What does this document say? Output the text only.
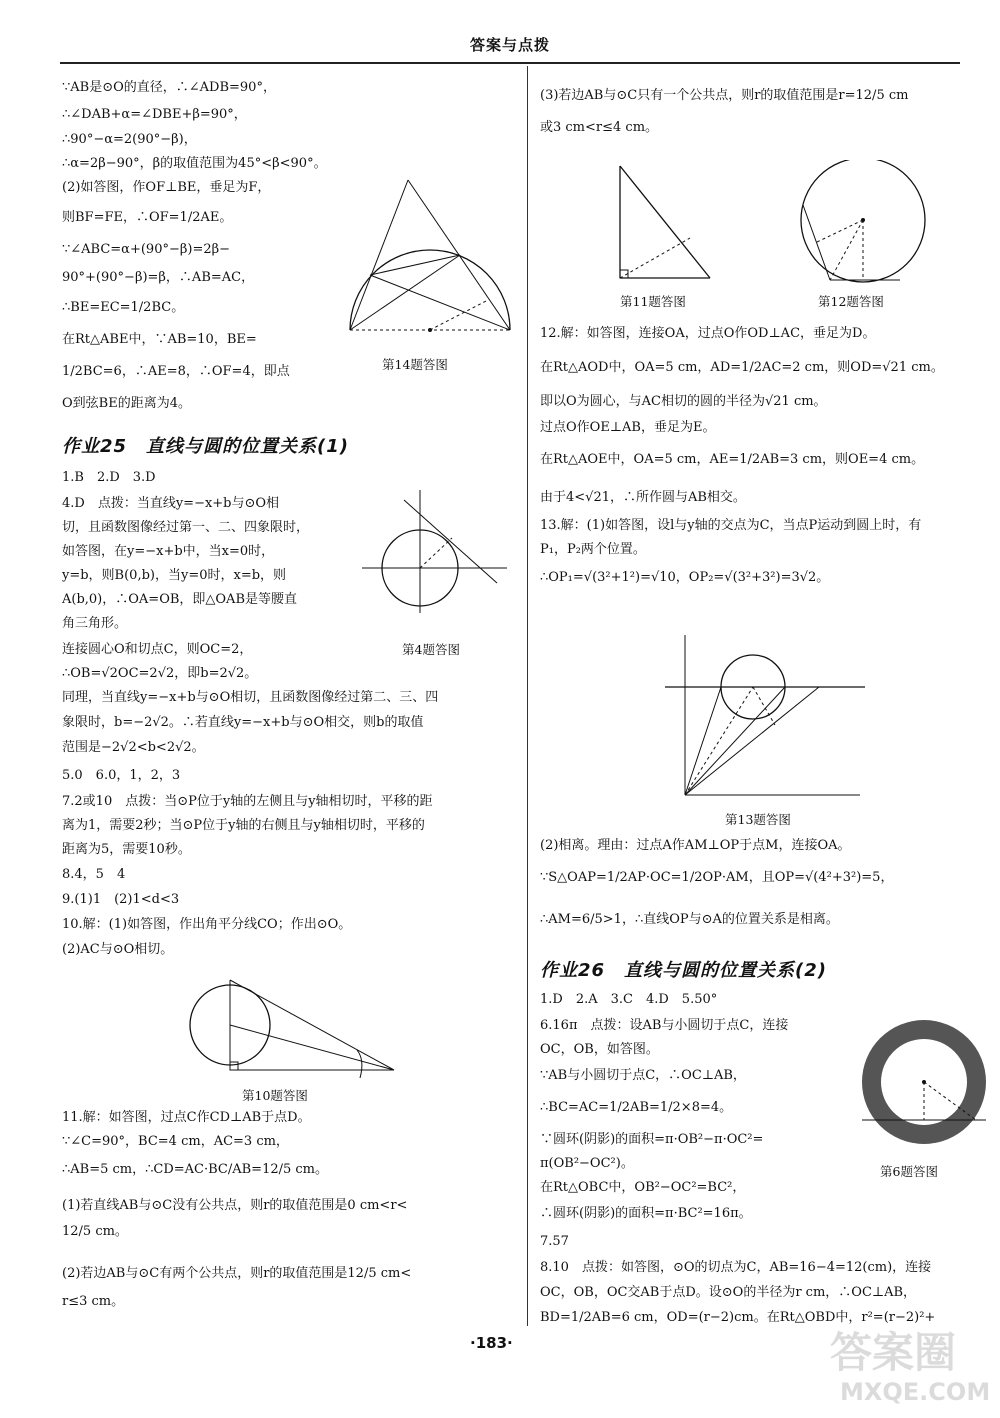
答案与点拨
∵AB是⊙O的直径，∴∠ADB=90°，
∴∠DAB+α=∠DBE+β=90°，
∴90°−α=2(90°−β)，
∴α=2β−90°，β的取值范围为45°<β<90°。
(2)如答图，作OF⊥BE，垂足为F，
则BF=FE，∴OF=1/2AE。
∵∠ABC=α+(90°−β)=2β−
90°+(90°−β)=β，∴AB=AC，
∴BE=EC=1/2BC。
在Rt△ABE中，∵AB=10，BE=
1/2BC=6，∴AE=8，∴OF=4，即点
O到弦BE的距离为4。
第14题答图
作业25　直线与圆的位置关系(1)
1.B　2.D　3.D
4.D　点拨：当直线y=−x+b与⊙O相
切，且函数图像经过第一、二、四象限时，
如答图，在y=−x+b中，当x=0时，
y=b，则B(0,b)，当y=0时，x=b，则
A(b,0)，∴OA=OB，即△OAB是等腰直
角三角形。
连接圆心O和切点C，则OC=2，
∴OB=√2OC=2√2，即b=2√2。
同理，当直线y=−x+b与⊙O相切，且函数图像经过第二、三、四
象限时，b=−2√2。∴若直线y=−x+b与⊙O相交，则b的取值
范围是−2√2<b<2√2。
5.0　6.0，1，2，3
7.2或10　点拨：当⊙P位于y轴的左侧且与y轴相切时，平移的距
离为1，需要2秒；当⊙P位于y轴的右侧且与y轴相切时，平移的
距离为5，需要10秒。
8.4，5　4
9.(1)1　(2)1<d<3
10.解：(1)如答图，作出角平分线CO；作出⊙O。
(2)AC与⊙O相切。
第4题答图
第10题答图
11.解：如答图，过点C作CD⊥AB于点D。
∵∠C=90°，BC=4 cm，AC=3 cm，
∴AB=5 cm，∴CD=AC·BC/AB=12/5 cm。
(1)若直线AB与⊙C没有公共点，则r的取值范围是0 cm<r<
12/5 cm。
(2)若边AB与⊙C有两个公共点，则r的取值范围是12/5 cm<
r≤3 cm。
(3)若边AB与⊙C只有一个公共点，则r的取值范围是r=12/5 cm
或3 cm<r≤4 cm。
第11题答图	第12题答图
12.解：如答图，连接OA，过点O作OD⊥AC，垂足为D。
在Rt△AOD中，OA=5 cm，AD=1/2AC=2 cm，则OD=√21 cm。
即以O为圆心，与AC相切的圆的半径为√21 cm。
过点O作OE⊥AB，垂足为E。
在Rt△AOE中，OA=5 cm，AE=1/2AB=3 cm，则OE=4 cm。
由于4<√21，∴所作圆与AB相交。
13.解：(1)如答图，设l与y轴的交点为C，当点P运动到圆上时，有
P₁，P₂两个位置。
∴OP₁=√(3²+1²)=√10，OP₂=√(3²+3²)=3√2。
第13题答图
(2)相离。理由：过点A作AM⊥OP于点M，连接OA。
∵S△OAP=1/2AP·OC=1/2OP·AM，且OP=√(4²+3²)=5，
∴AM=6/5>1，∴直线OP与⊙A的位置关系是相离。
作业26　直线与圆的位置关系(2)
1.D　2.A　3.C　4.D　5.50°
6.16π　点拨：设AB与小圆切于点C，连接
OC，OB，如答图。
∵AB与小圆切于点C，∴OC⊥AB，
∴BC=AC=1/2AB=1/2×8=4。
∵圆环(阴影)的面积=π·OB²−π·OC²=
π(OB²−OC²)。
在Rt△OBC中，OB²−OC²=BC²，
∴圆环(阴影)的面积=π·BC²=16π。
7.57
8.10　点拨：如答图，⊙O的切点为C，AB=16−4=12(cm)，连接
OC，OB，OC交AB于点D。设⊙O的半径为r cm，∴OC⊥AB，
BD=1/2AB=6 cm，OD=(r−2)cm。在Rt△OBD中，r²=(r−2)²+
第6题答图
·183·	答案圈
MXQE.COM
